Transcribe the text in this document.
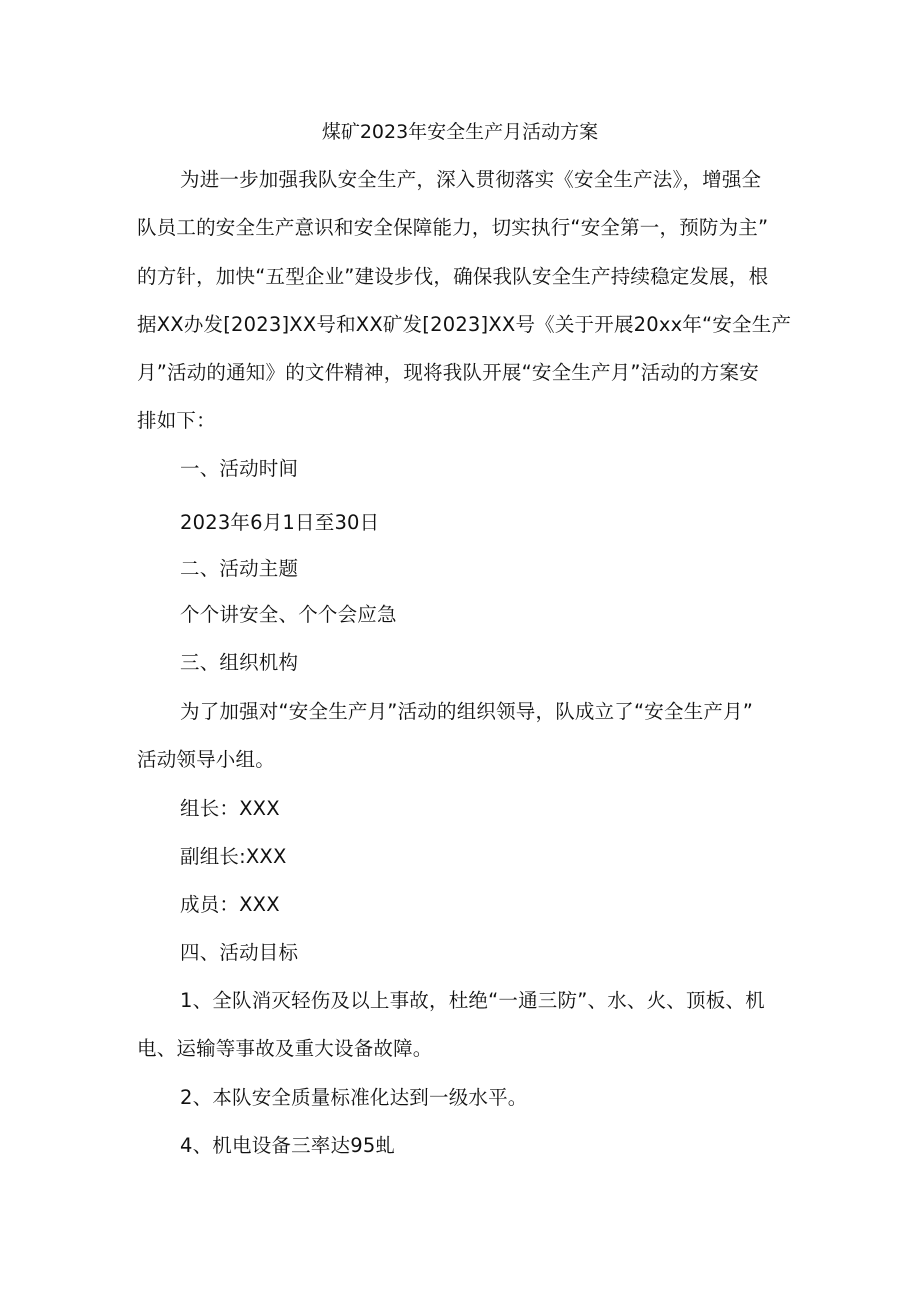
煤矿2023年安全生产月活动方案
为进一步加强我队安全生产，深入贯彻落实《安全生产法》，增强全
队员工的安全生产意识和安全保障能力，切实执行“安全第一，预防为主”
的方针，加快“五型企业”建设步伐，确保我队安全生产持续稳定发展，根
据XX办发[2023]XX号和XX矿发[2023]XX号《关于开展20xx年“安全生产
月”活动的通知》的文件精神，现将我队开展“安全生产月”活动的方案安
排如下：
一、活动时间
2023年6月1日至30日
二、活动主题
个个讲安全、个个会应急
三、组织机构
为了加强对“安全生产月”活动的组织领导，队成立了“安全生产月”
活动领导小组。
组长：XXX
副组长:XXX
成员：XXX
四、活动目标
1、全队消灭轻伤及以上事故，杜绝“一通三防”、水、火、顶板、机
电、运输等事故及重大设备故障。
2、本队安全质量标准化达到一级水平。
4、机电设备三率达95虬
